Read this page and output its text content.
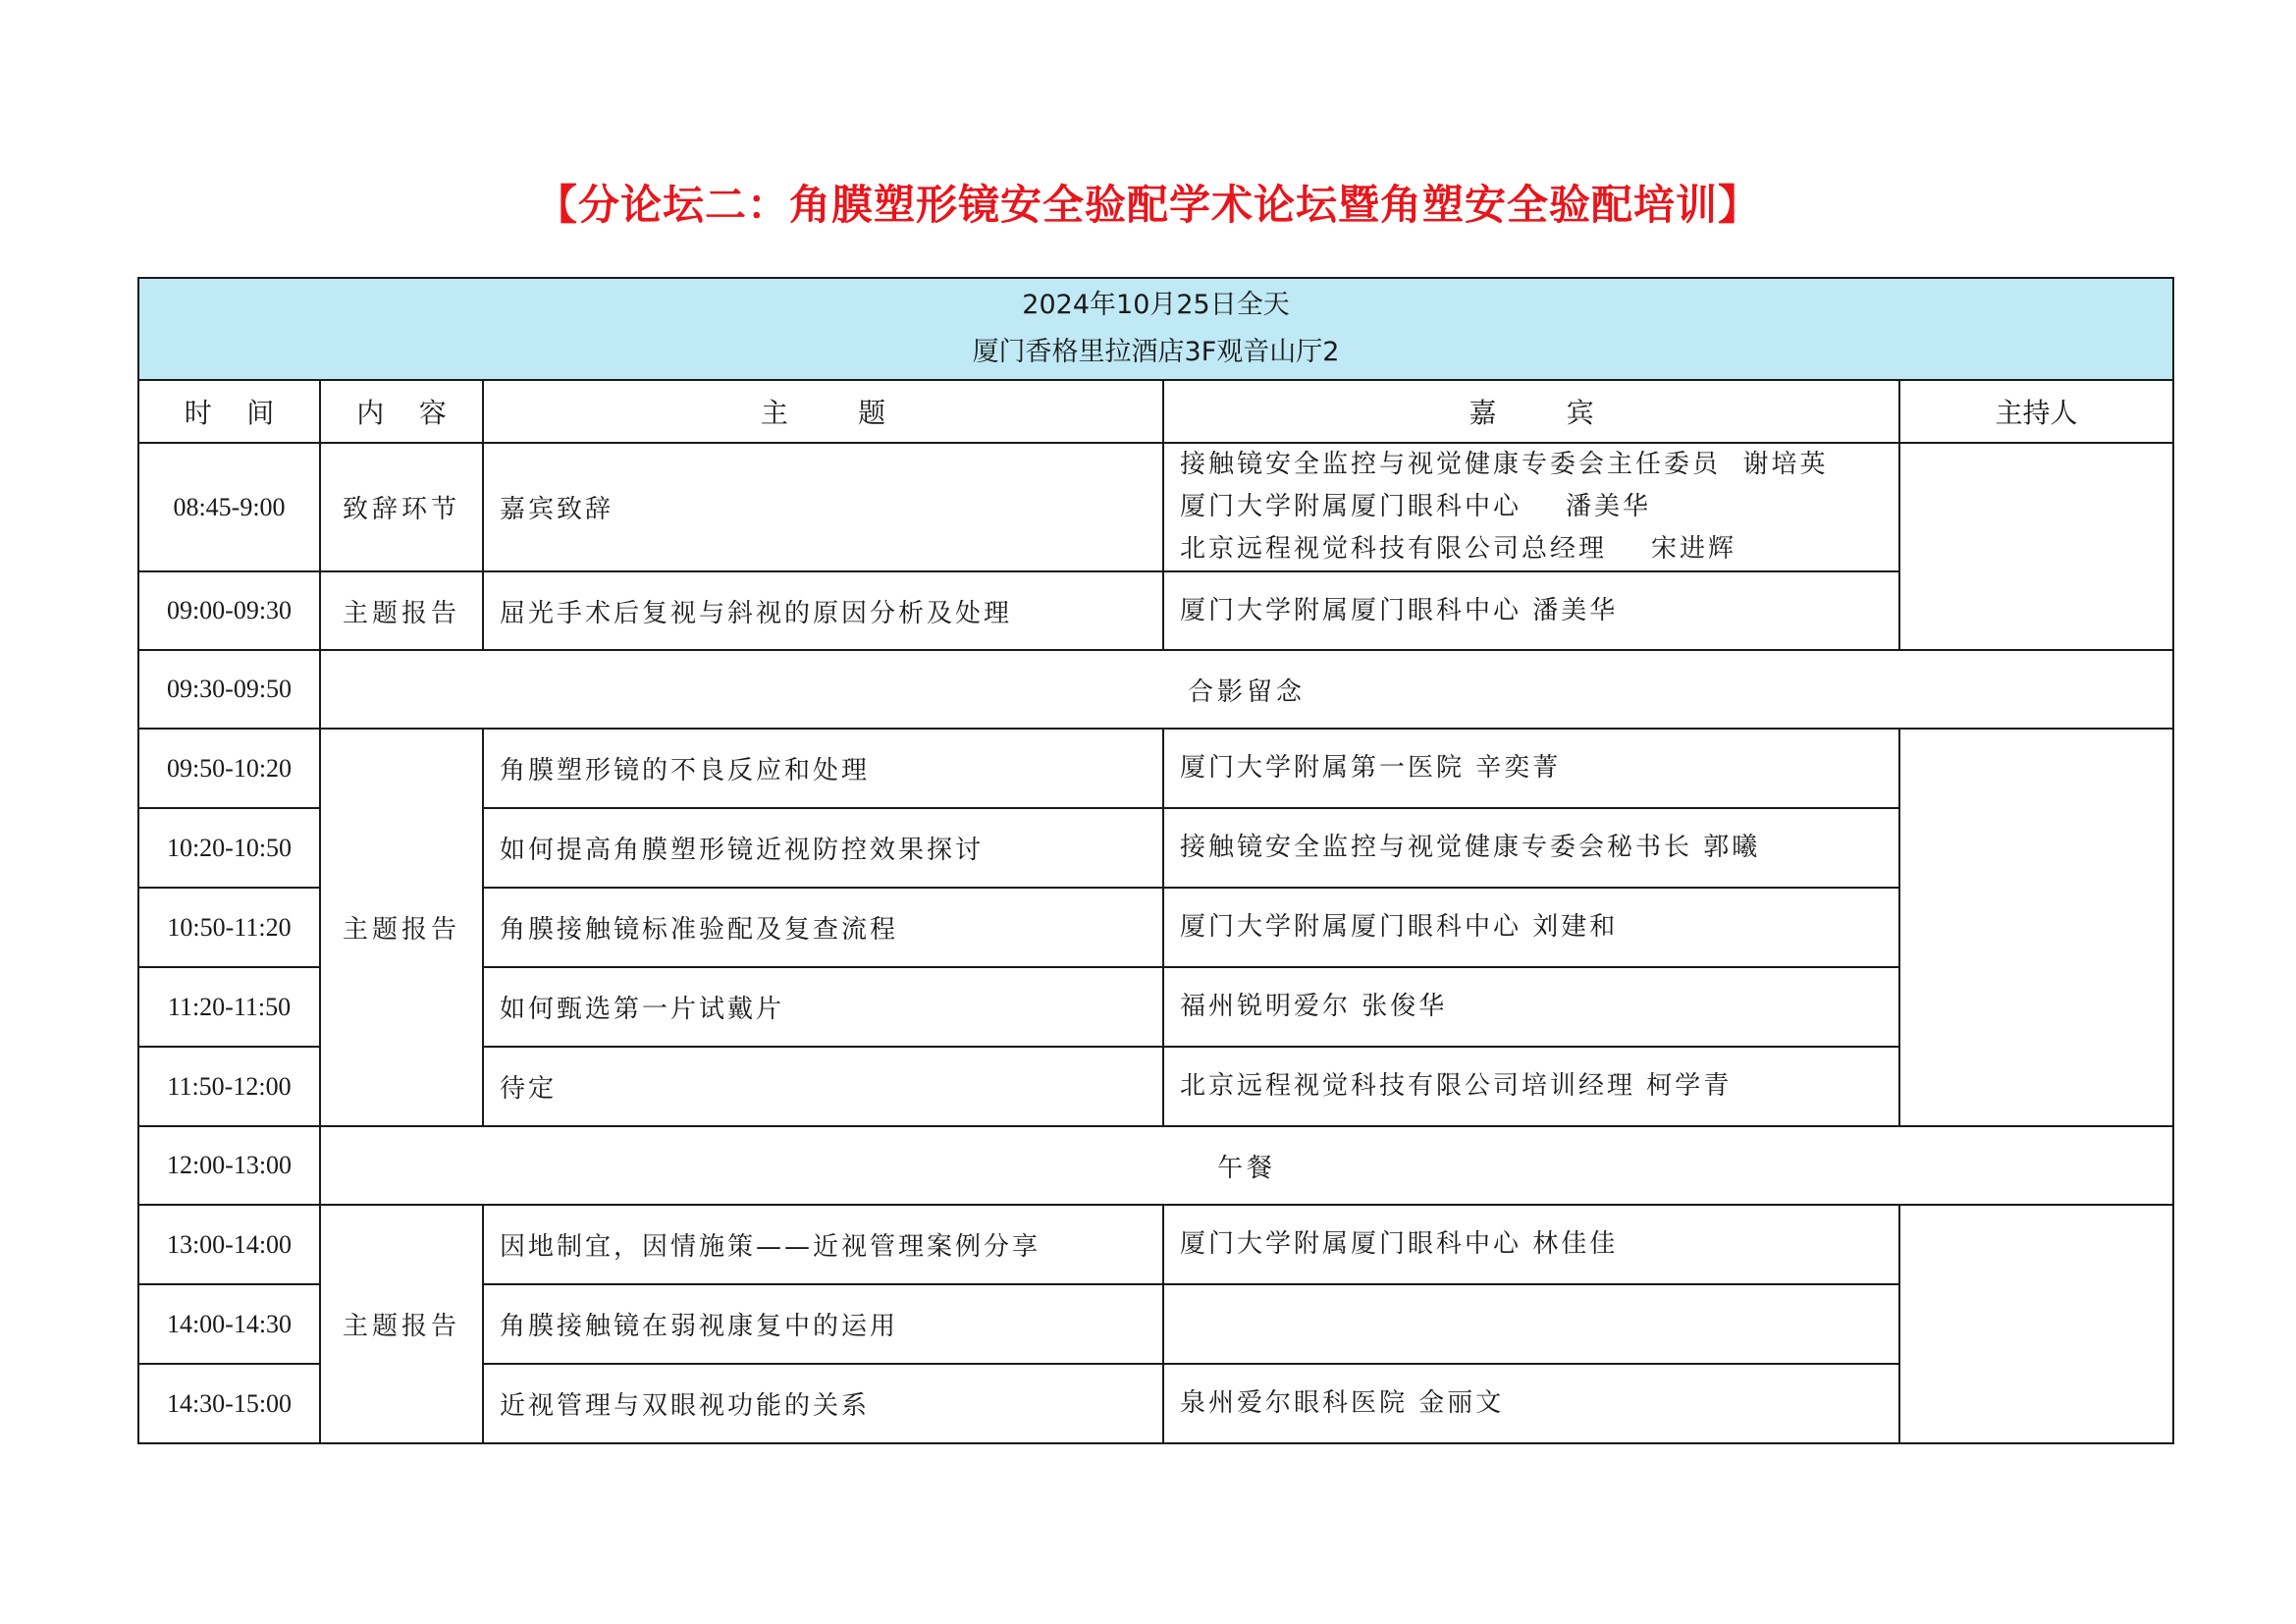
【分论坛二：角膜塑形镜安全验配学术论坛暨角塑安全验配培训】
2024年10月25日全天
厦门香格里拉酒店3F观音山厅2				

时    间	内    容	主        题	嘉        宾	主持人
08:45-9:00	致辞环节	嘉宾致辞	接触镜安全监控与视觉健康专委会主任委员  谢培英
厦门大学附属厦门眼科中心    潘美华
北京远程视觉科技有限公司总经理    宋进辉	

09:00-09:30	主题报告	屈光手术后复视与斜视的原因分析及处理	厦门大学附属厦门眼科中心 潘美华	
09:30-09:50	合影留念			
09:50-10:20	主题报告	角膜塑形镜的不良反应和处理	厦门大学附属第一医院 辛奕菁	
10:20-10:50		如何提高角膜塑形镜近视防控效果探讨	接触镜安全监控与视觉健康专委会秘书长 郭曦	
10:50-11:20		角膜接触镜标准验配及复查流程	厦门大学附属厦门眼科中心 刘建和	
11:20-11:50		如何甄选第一片试戴片	福州锐明爱尔 张俊华	
11:50-12:00		待定	北京远程视觉科技有限公司培训经理 柯学青	
12:00-13:00	午餐			
13:00-14:00	主题报告	因地制宜，因情施策——近视管理案例分享	厦门大学附属厦门眼科中心 林佳佳	
14:00-14:30		角膜接触镜在弱视康复中的运用		
14:30-15:00		近视管理与双眼视功能的关系	泉州爱尔眼科医院 金丽文	
